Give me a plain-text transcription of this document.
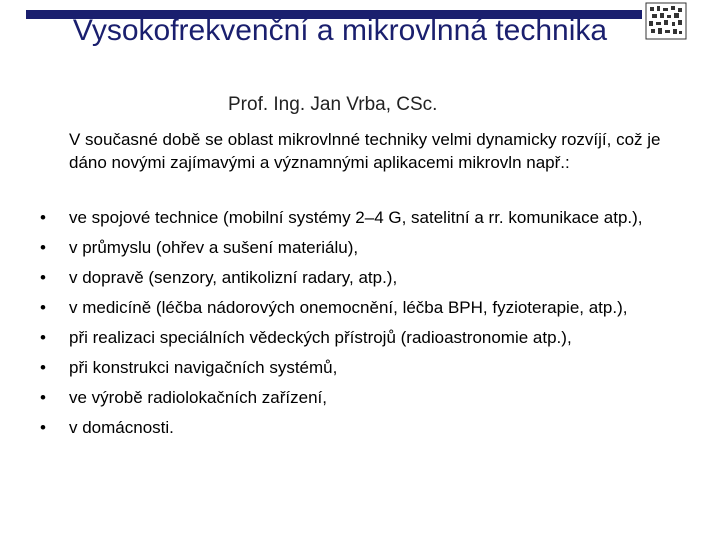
Vysokofrekvenční a mikrovlnná technika

Prof. Ing. Jan Vrba, CSc.

V současné době se oblast mikrovlnné techniky velmi dynamicky rozvíjí, což je dáno novými zajímavými a významnými aplikacemi mikrovln např.:

•	ve spojové technice (mobilní systémy 2–4 G, satelitní a rr. komunikace atp.),
•	v průmyslu (ohřev a sušení materiálu),
•	v dopravě (senzory, antikolizní radary, atp.),
•	v medicíně (léčba nádorových onemocnění, léčba BPH, fyzioterapie, atp.),
•	při realizaci speciálních vědeckých přístrojů (radioastronomie atp.),
•	při konstrukci navigačních systémů,
•	ve výrobě radiolokačních zařízení,
•	v domácnosti.
